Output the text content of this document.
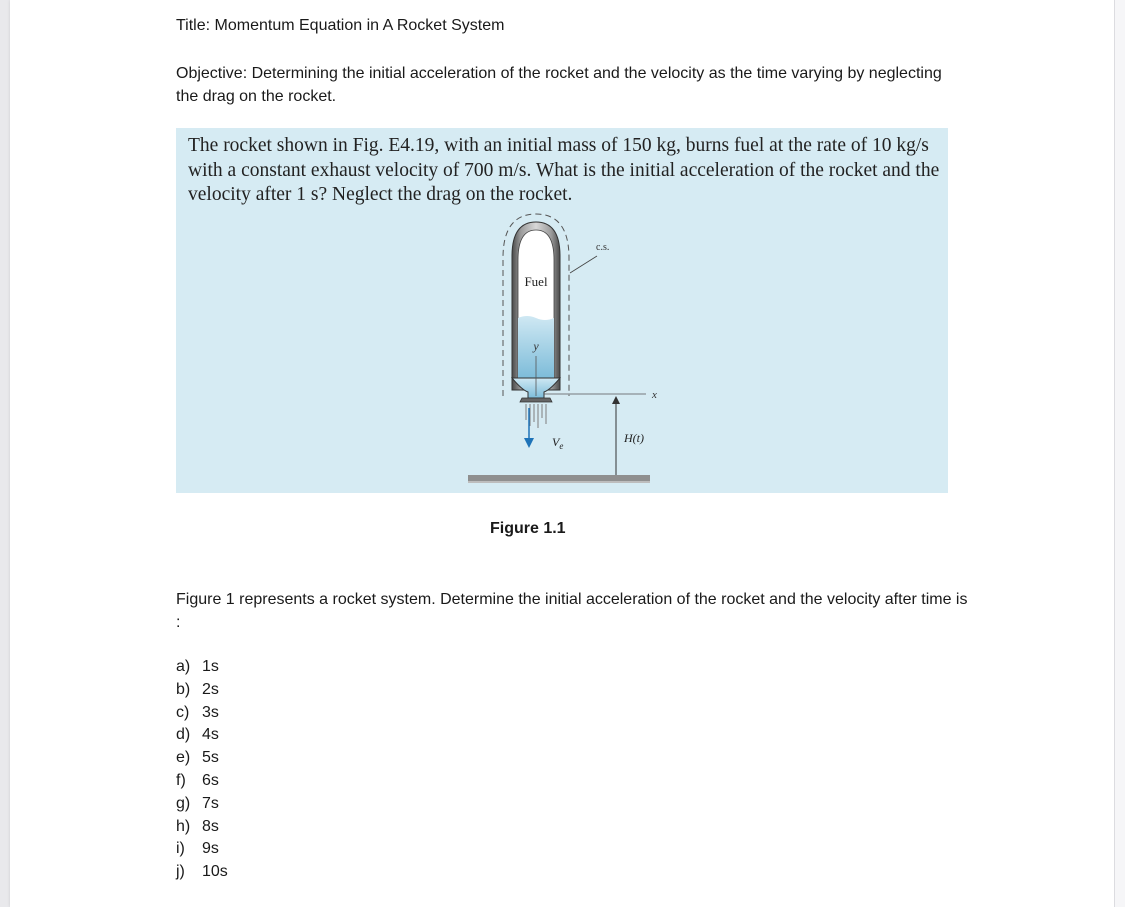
Title: Momentum Equation in A Rocket System
Objective: Determining the initial acceleration of the rocket and the velocity as the time varying by neglecting the drag on the rocket.
The rocket shown in Fig. E4.19, with an initial mass of 150 kg, burns fuel at the rate of 10 kg/s with a constant exhaust velocity of 700 m/s. What is the initial acceleration of the rocket and the velocity after 1 s? Neglect the drag on the rocket.
Fuel
y
c.s.
x
$V_e$
H(t)
Figure 1.1
Figure 1 represents a rocket system. Determine the initial acceleration of the rocket and the velocity after time is :
a) 1s
b) 2s
c) 3s
d) 4s
e) 5s
f) 6s
g) 7s
h) 8s
i) 9s
j) 10s
